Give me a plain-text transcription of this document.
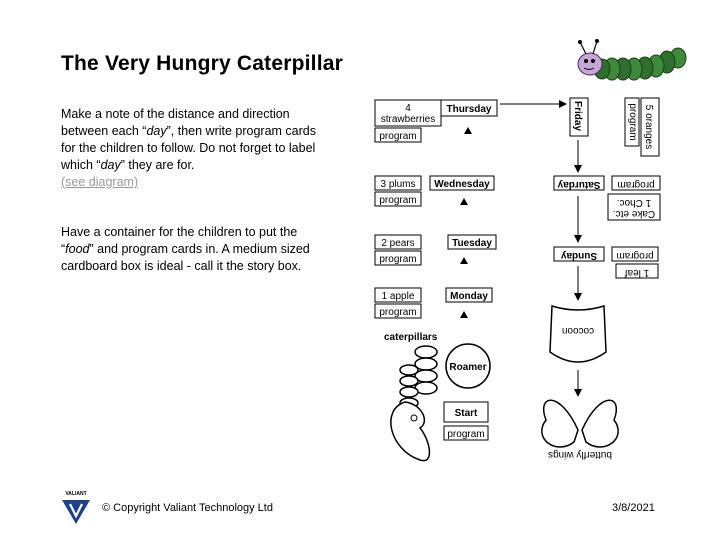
The Very Hungry Caterpillar
Make a note of the distance and direction between each “day”, then write program cards for the children to follow. Do not forget to label which “day” they are for.
(see diagram)
Have a container for the children to put the “food” and program cards in. A medium sized cardboard box is ideal - call it the story box.
4
strawberries
Thursday
program
Friday	program 5 oranges
3 plums Wednesday
program
Saturday program
1 Choc.
Cake etc.
2 pears	Tuesday
program	Sunday program
1 leaf
1 apple	Monday
program
caterpillars
Roamer
Start
program
cocoon
butterfly wings
VALIANT
© Copyright Valiant Technology Ltd	3/8/2021
